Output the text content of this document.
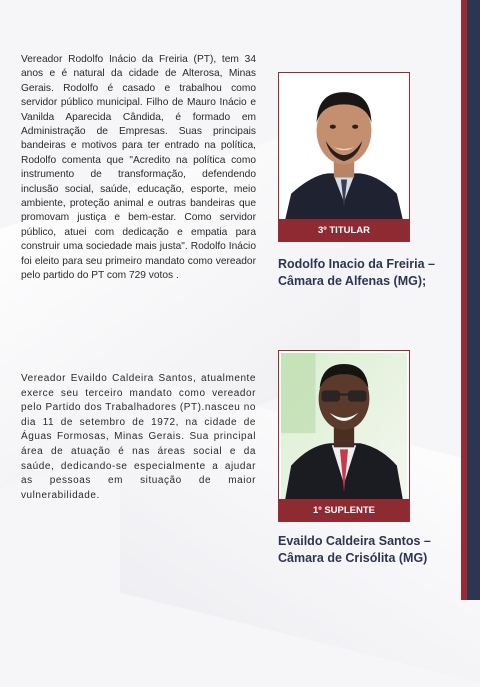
Vereador Rodolfo Inácio da Freiria (PT), tem 34 anos e é natural da cidade de Alterosa, Minas Gerais. Rodolfo é casado e trabalhou como servidor público municipal. Filho de Mauro Inácio e Vanilda Aparecida Cândida, é formado em Administração de Empresas. Suas principais bandeiras e motivos para ter entrado na política, Rodolfo comenta que "Acredito na política como instrumento de transformação, defendendo inclusão social, saúde, educação, esporte, meio ambiente, proteção animal e outras bandeiras que promovam justiça e bem-estar. Como servidor público, atuei com dedicação e empatia para construir uma sociedade mais justa". Rodolfo Inácio foi eleito para seu primeiro mandato como vereador pelo partido do PT com 729 votos .

3º TITULAR
Rodolfo Inacio da Freiria – Câmara de Alfenas (MG);

Vereador Evaildo Caldeira Santos, atualmente exerce seu terceiro mandato como vereador pelo Partido dos Trabalhadores (PT).nasceu no dia 11 de setembro de 1972, na cidade de Águas Formosas, Minas Gerais. Sua principal área de atuação é nas áreas social e da saúde, dedicando-se especialmente a ajudar as pessoas em situação de maior vulnerabilidade.

1º SUPLENTE
Evaildo Caldeira Santos – Câmara de Crisólita (MG)
